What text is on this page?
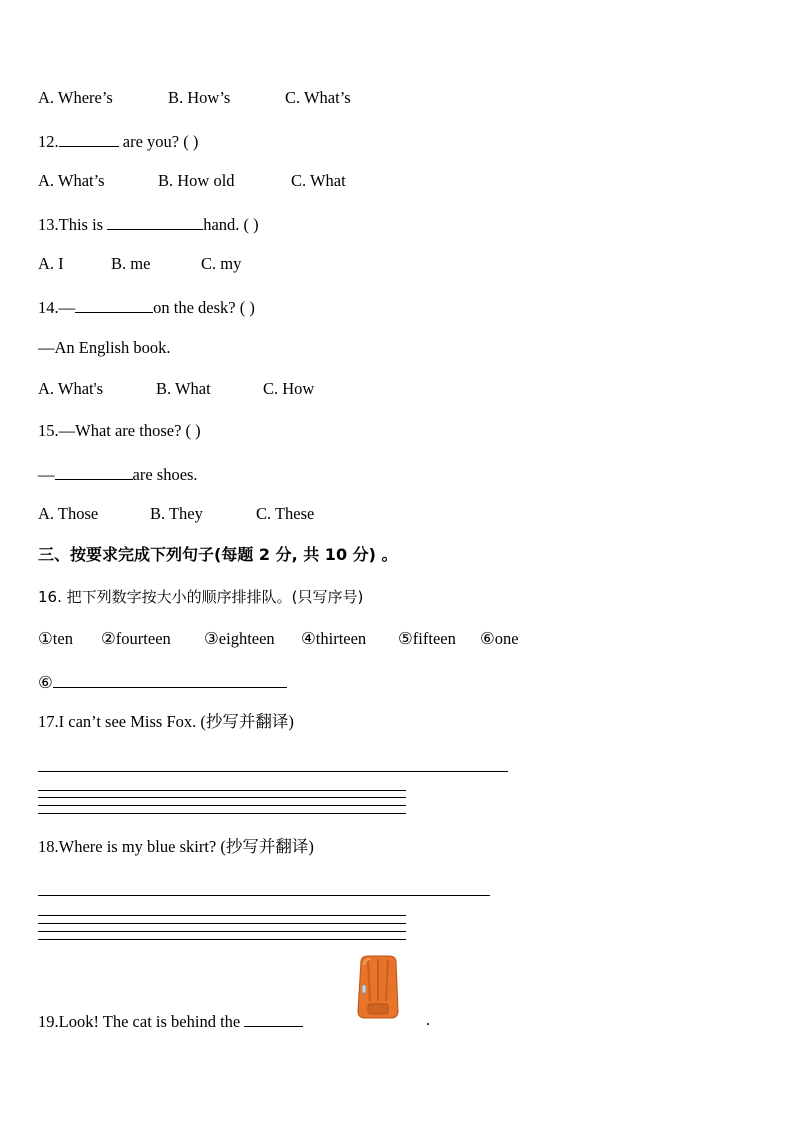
A. Where’s	B. How’s	C. What’s
12.	are you? ( )
A. What’s	B. How old	C. What
13.This is	hand. ( )
A. I	B. me	C. my
14.—	on the desk? ( )
—An English book.
A. What's	B. What	C. How
15.—What are those? ( )
—	are shoes.
A. Those	B. They	C. These
三、按要求完成下列句子(每题 2 分, 共 10 分) 。
16. 把下列数字按大小的顺序排排队。(只写序号)
①ten ②fourteen ③eighteen ④thirteen ⑤fifteen ⑥one
⑥
17.I can’t see Miss Fox. (抄写并翻译)
18.Where is my blue skirt? (抄写并翻译)
19.Look! The cat is behind the	.
